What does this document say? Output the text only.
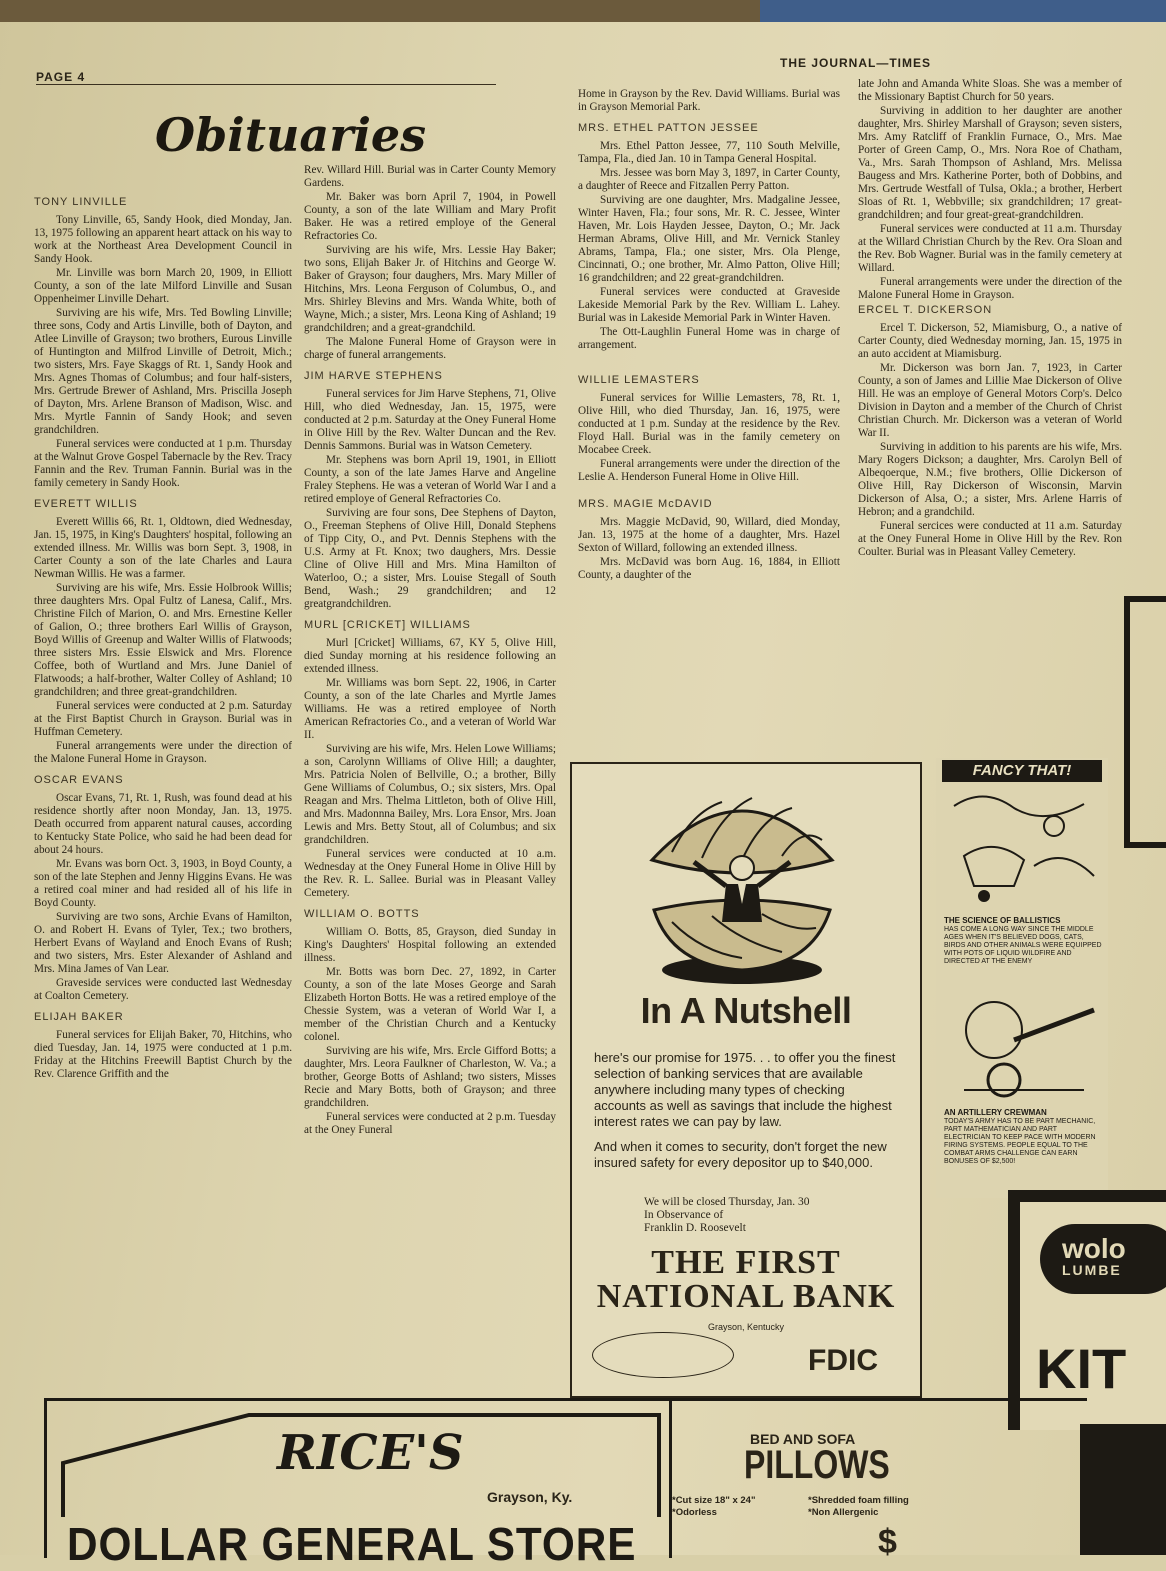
PAGE 4
THE JOURNAL—TIMES
Obituaries
TONY LINVILLE

Tony Linville, 65, Sandy Hook, died Monday, Jan. 13, 1975 following an apparent heart attack on his way to work at the Northeast Area Development Council in Sandy Hook.

Mr. Linville was born March 20, 1909, in Elliott County, a son of the late Milford Linville and Susan Oppenheimer Linville Dehart.

Surviving are his wife, Mrs. Ted Bowling Linville; three sons, Cody and Artis Linville, both of Dayton, and Atlee Linville of Grayson; two brothers, Eurous Linville of Huntington and Milfrod Linville of Detroit, Mich.; two sisters, Mrs. Faye Skaggs of Rt. 1, Sandy Hook and Mrs. Agnes Thomas of Columbus; and four half-sisters, Mrs. Gertrude Brewer of Ashland, Mrs. Priscilla Joseph of Dayton, Mrs. Arlene Branson of Madison, Wisc. and Mrs. Myrtle Fannin of Sandy Hook; and seven grandchildren.

Funeral services were conducted at 1 p.m. Thursday at the Walnut Grove Gospel Tabernacle by the Rev. Tracy Fannin and the Rev. Truman Fannin. Burial was in the family cemetery in Sandy Hook.

EVERETT WILLIS

Everett Willis 66, Rt. 1, Oldtown, died Wednesday, Jan. 15, 1975, in King's Daughters' hospital, following an extended illness. Mr. Willis was born Sept. 3, 1908, in Carter County a son of the late Charles and Laura Newman Willis. He was a farmer.

Surviving are his wife, Mrs. Essie Holbrook Willis; three daughters Mrs. Opal Fultz of Lanesa, Calif., Mrs. Christine Filch of Marion, O. and Mrs. Ernestine Keller of Galion, O.; three brothers Earl Willis of Grayson, Boyd Willis of Greenup and Walter Willis of Flatwoods; three sisters Mrs. Essie Elswick and Mrs. Florence Coffee, both of Wurtland and Mrs. June Daniel of Flatwoods; a half-brother, Walter Colley of Ashland; 10 grandchildren; and three great-grandchildren.

Funeral services were conducted at 2 p.m. Saturday at the First Baptist Church in Grayson. Burial was in Huffman Cemetery.

Funeral arrangements were under the direction of the Malone Funeral Home in Grayson.

OSCAR EVANS

Oscar Evans, 71, Rt. 1, Rush, was found dead at his residence shortly after noon Monday, Jan. 13, 1975. Death occurred from apparent natural causes, according to Kentucky State Police, who said he had been dead for about 24 hours.

Mr. Evans was born Oct. 3, 1903, in Boyd County, a son of the late Stephen and Jenny Higgins Evans. He was a retired coal miner and had resided all of his life in Boyd County.

Surviving are two sons, Archie Evans of Hamilton, O. and Robert H. Evans of Tyler, Tex.; two brothers, Herbert Evans of Wayland and Enoch Evans of Rush; and two sisters, Mrs. Ester Alexander of Ashland and Mrs. Mina James of Van Lear.

Graveside services were conducted last Wednesday at Coalton Cemetery.

ELIJAH BAKER

Funeral services for Elijah Baker, 70, Hitchins, who died Tuesday, Jan. 14, 1975 were conducted at 1 p.m. Friday at the Hitchins Freewill Baptist Church by the Rev. Clarence Griffith and the

Rev. Willard Hill. Burial was in Carter County Memory Gardens.

Mr. Baker was born April 7, 1904, in Powell County, a son of the late William and Mary Profit Baker. He was a retired employe of the General Refractories Co.

Surviving are his wife, Mrs. Lessie Hay Baker; two sons, Elijah Baker Jr. of Hitchins and George W. Baker of Grayson; four daughers, Mrs. Mary Miller of Hitchins, Mrs. Leona Ferguson of Columbus, O., and Mrs. Shirley Blevins and Mrs. Wanda White, both of Wayne, Mich.; a sister, Mrs. Leona King of Ashland; 19 grandchildren; and a great-grandchild.

The Malone Funeral Home of Grayson were in charge of funeral arrangements.

JIM HARVE STEPHENS

Funeral services for Jim Harve Stephens, 71, Olive Hill, who died Wednesday, Jan. 15, 1975, were conducted at 2 p.m. Saturday at the Oney Funeral Home in Olive Hill by the Rev. Walter Duncan and the Rev. Dennis Sammons. Burial was in Watson Cemetery.

Mr. Stephens was born April 19, 1901, in Elliott County, a son of the late James Harve and Angeline Fraley Stephens. He was a veteran of World War I and a retired employe of General Refractories Co.

Surviving are four sons, Dee Stephens of Dayton, O., Freeman Stephens of Olive Hill, Donald Stephens of Tipp City, O., and Pvt. Dennis Stephens with the U.S. Army at Ft. Knox; two daughers, Mrs. Dessie Cline of Olive Hill and Mrs. Mina Hamilton of Waterloo, O.; a sister, Mrs. Louise Stegall of South Bend, Wash.; 29 grandchildren; and 12 greatgrandchildren.

MURL [CRICKET] WILLIAMS

Murl [Cricket] Williams, 67, KY 5, Olive Hill, died Sunday morning at his residence following an extended illness.

Mr. Williams was born Sept. 22, 1906, in Carter County, a son of the late Charles and Myrtle James Williams. He was a retired employee of North American Refractories Co., and a veteran of World War II.

Surviving are his wife, Mrs. Helen Lowe Williams; a son, Carolynn Williams of Olive Hill; a daughter, Mrs. Patricia Nolen of Bellville, O.; a brother, Billy Gene Williams of Columbus, O.; six sisters, Mrs. Opal Reagan and Mrs. Thelma Littleton, both of Olive Hill, and Mrs. Madonnna Bailey, Mrs. Lora Ensor, Mrs. Joan Lewis and Mrs. Betty Stout, all of Columbus; and six grandchildren.

Funeral services were conducted at 10 a.m. Wednesday at the Oney Funeral Home in Olive Hill by the Rev. R. L. Sallee. Burial was in Pleasant Valley Cemetery.

WILLIAM O. BOTTS

William O. Botts, 85, Grayson, died Sunday in King's Daughters' Hospital following an extended illness.

Mr. Botts was born Dec. 27, 1892, in Carter County, a son of the late Moses George and Sarah Elizabeth Horton Botts. He was a retired employe of the Chessie System, was a veteran of World War I, a member of the Christian Church and a Kentucky colonel.

Surviving are his wife, Mrs. Ercle Gifford Botts; a daughter, Mrs. Leora Faulkner of Charleston, W. Va.; a brother, George Botts of Ashland; two sisters, Misses Recie and Mary Botts, both of Grayson; and three grandchildren.

Funeral services were conducted at 2 p.m. Tuesday at the Oney Funeral

Home in Grayson by the Rev. David Williams. Burial was in Grayson Memorial Park.

MRS. ETHEL PATTON JESSEE

Mrs. Ethel Patton Jessee, 77, 110 South Melville, Tampa, Fla., died Jan. 10 in Tampa General Hospital.

Mrs. Jessee was born May 3, 1897, in Carter County, a daughter of Reece and Fitzallen Perry Patton.

Surviving are one daughter, Mrs. Madgaline Jessee, Winter Haven, Fla.; four sons, Mr. R. C. Jessee, Winter Haven, Mr. Lois Hayden Jessee, Dayton, O.; Mr. Jack Herman Abrams, Olive Hill, and Mr. Vernick Stanley Abrams, Tampa, Fla.; one sister, Mrs. Ola Plenge, Cincinnati, O.; one brother, Mr. Almo Patton, Olive Hill; 16 grandchildren; and 22 great-grandchildren.

Funeral services were conducted at Graveside Lakeside Memorial Park by the Rev. William L. Lahey. Burial was in Lakeside Memorial Park in Winter Haven.

The Ott-Laughlin Funeral Home was in charge of arrangement.

WILLIE LEMASTERS

Funeral services for Willie Lemasters, 78, Rt. 1, Olive Hill, who died Thursday, Jan. 16, 1975, were conducted at 1 p.m. Sunday at the residence by the Rev. Floyd Hall. Burial was in the family cemetery on Mocabee Creek.

Funeral arrangements were under the direction of the Leslie A. Henderson Funeral Home in Olive Hill.

MRS. MAGIE McDAVID

Mrs. Maggie McDavid, 90, Willard, died Monday, Jan. 13, 1975 at the home of a daughter, Mrs. Hazel Sexton of Willard, following an extended illness.

Mrs. McDavid was born Aug. 16, 1884, in Elliott County, a daughter of the

late John and Amanda White Sloas. She was a member of the Missionary Baptist Church for 50 years.

Surviving in addition to her daughter are another daughter, Mrs. Shirley Marshall of Grayson; seven sisters, Mrs. Amy Ratcliff of Franklin Furnace, O., Mrs. Mae Porter of Green Camp, O., Mrs. Nora Roe of Chatham, Va., Mrs. Sarah Thompson of Ashland, Mrs. Melissa Baugess and Mrs. Katherine Porter, both of Dobbins, and Mrs. Gertrude Westfall of Tulsa, Okla.; a brother, Herbert Sloas of Rt. 1, Webbville; six grandchildren; 17 great-grandchildren; and four great-great-grandchildren.

Funeral services were conducted at 11 a.m. Thursday at the Willard Christian Church by the Rev. Ora Sloan and the Rev. Bob Wagner. Burial was in the family cemetery at Willard.

Funeral arrangements were under the direction of the Malone Funeral Home in Grayson.

ERCEL T. DICKERSON

Ercel T. Dickerson, 52, Miamisburg, O., a native of Carter County, died Wednesday morning, Jan. 15, 1975 in an auto accident at Miamisburg.

Mr. Dickerson was born Jan. 7, 1923, in Carter County, a son of James and Lillie Mae Dickerson of Olive Hill. He was an employe of General Motors Corp's. Delco Division in Dayton and a member of the Church of Christ Christian Church. Mr. Dickerson was a veteran of World War II.

Surviving in addition to his parents are his wife, Mrs. Mary Rogers Dickson; a daughter, Mrs. Carolyn Bell of Albeqoerque, N.M.; five brothers, Ollie Dickerson of Olive Hill, Ray Dickerson of Wisconsin, Marvin Dickerson of Alsa, O.; a sister, Mrs. Arlene Harris of Hebron; and a grandchild.

Funeral sercices were conducted at 11 a.m. Saturday at the Oney Funeral Home in Olive Hill by the Rev. Ron Coulter. Burial was in Pleasant Valley Cemetery.

In A Nutshell

here's our promise for 1975. . . to offer you the finest selection of banking services that are available anywhere including many types of checking accounts as well as savings that include the highest interest rates we can pay by law.

And when it comes to security, don't forget the new insured safety for every depositor up to $40,000.

We will be closed Thursday, Jan. 30
In Observance of
Franklin D. Roosevelt
THE FIRST
NATIONAL BANK
Grayson, Kentucky
FDIC
FANCY THAT!
THE SCIENCE OF BALLISTICS
HAS COME A LONG WAY SINCE THE MIDDLE AGES WHEN IT'S BELIEVED DOGS, CATS, BIRDS AND OTHER ANIMALS WERE EQUIPPED WITH POTS OF LIQUID WILDFIRE AND DIRECTED AT THE ENEMY
AN ARTILLERY CREWMAN
TODAY'S ARMY HAS TO BE PART MECHANIC, PART MATHEMATICIAN AND PART ELECTRICIAN TO KEEP PACE WITH MODERN FIRING SYSTEMS. PEOPLE EQUAL TO THE COMBAT ARMS CHALLENGE CAN EARN BONUSES OF $2,500!
wolo
LUMBE
KIT
RICE'S
Grayson, Ky.
DOLLAR GENERAL STORE
BED AND SOFA
PILLOWS
*Cut size 18" x 24"
*Odorless
*Shredded foam filling
*Non Allergenic
$
